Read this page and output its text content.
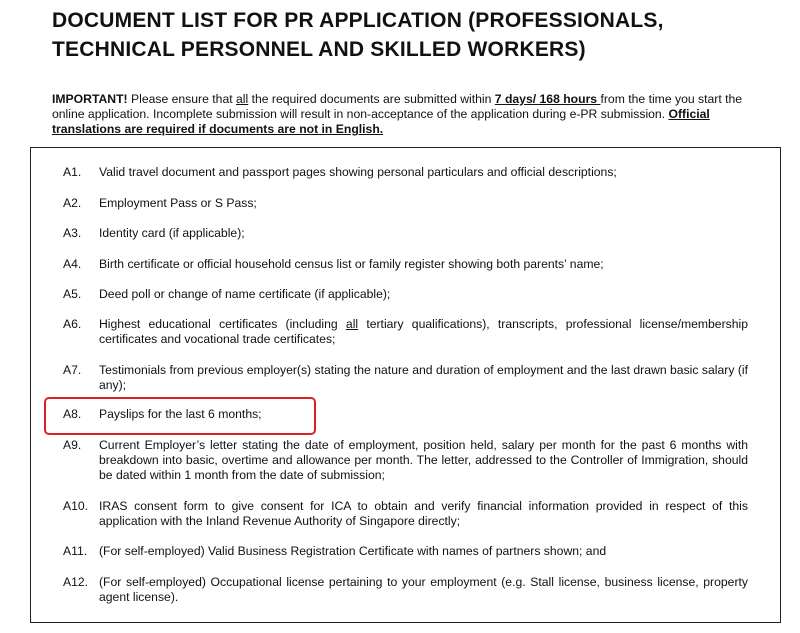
DOCUMENT LIST FOR PR APPLICATION (PROFESSIONALS, TECHNICAL PERSONNEL AND SKILLED WORKERS)
IMPORTANT! Please ensure that all the required documents are submitted within 7 days/ 168 hours from the time you start the online application. Incomplete submission will result in non-acceptance of the application during e-PR submission. Official translations are required if documents are not in English.
A1.	Valid travel document and passport pages showing personal particulars and official descriptions;
A2.	Employment Pass or S Pass;
A3.	Identity card (if applicable);
A4.	Birth certificate or official household census list or family register showing both parents’ name;
A5.	Deed poll or change of name certificate (if applicable);
A6.	Highest educational certificates (including all tertiary qualifications), transcripts, professional license/membership certificates and vocational trade certificates;
A7.	Testimonials from previous employer(s) stating the nature and duration of employment and the last drawn basic salary (if any);
A8.	Payslips for the last 6 months;
A9.	Current Employer’s letter stating the date of employment, position held, salary per month for the past 6 months with breakdown into basic, overtime and allowance per month. The letter, addressed to the Controller of Immigration, should be dated within 1 month from the date of submission;
A10. IRAS consent form to give consent for ICA to obtain and verify financial information provided in respect of this application with the Inland Revenue Authority of Singapore directly;
A11. (For self-employed) Valid Business Registration Certificate with names of partners shown; and
A12. (For self-employed) Occupational license pertaining to your employment (e.g. Stall license, business license, property agent license).
